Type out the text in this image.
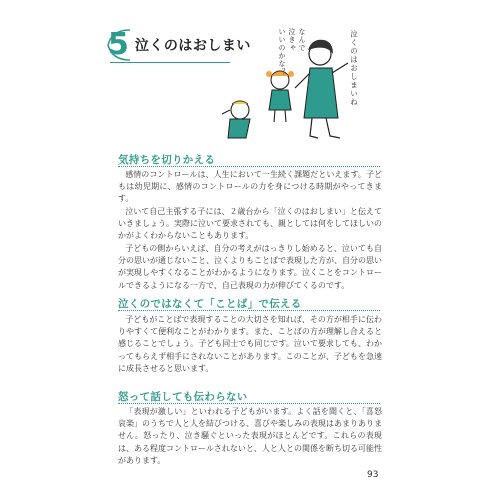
5 泣くのはおしまい	泣くのはおしまいね
なんで
泣きゃ
いいのかな？
気持ちを切りかえる
感情のコントロールは、人生において一生続く課題だといえます。子どもは幼児期に、感情のコントロールの力を身につける時期がやってきます。
泣いて自己主張する子には、２歳台から「泣くのはおしまい」と伝えていきましょう。実際に泣いて要求されても、親としては何をしてほしいのかがよくわからないこともあります。
子どもの側からいえば、自分の考えがはっきりし始めると、泣いても自分の思いが通じないこと、泣くよりもことばで表現した方が、自分の思いが実現しやすくなることがわかるようになります。泣くことをコントロールできるようになる一方で、自己表現の力が伸びてくるのです。
泣くのではなくて「ことば」で伝える
子どもがことばで表現することの大切さを知れば、その方が相手に伝わりやすくて便利なことがわかります。また、ことばの方が理解し合えると感じることでしょう。子ども同士でも同じです。泣いて要求しても、わかってもらえず相手にされないことがあります。このことが、子どもを急速に成長させると思います。
怒って話しても伝わらない
「表現が激しい」といわれる子どもがいます。よく話を聞くと、「喜怒哀楽」のうちで人と人を結びつける、喜びや楽しみの表現はあまりありません。怒ったり、泣き騒ぐといった表現がほとんどです。これらの表現は、ある程度コントロールされないと、人と人との関係を断ち切る可能性があります。
93
